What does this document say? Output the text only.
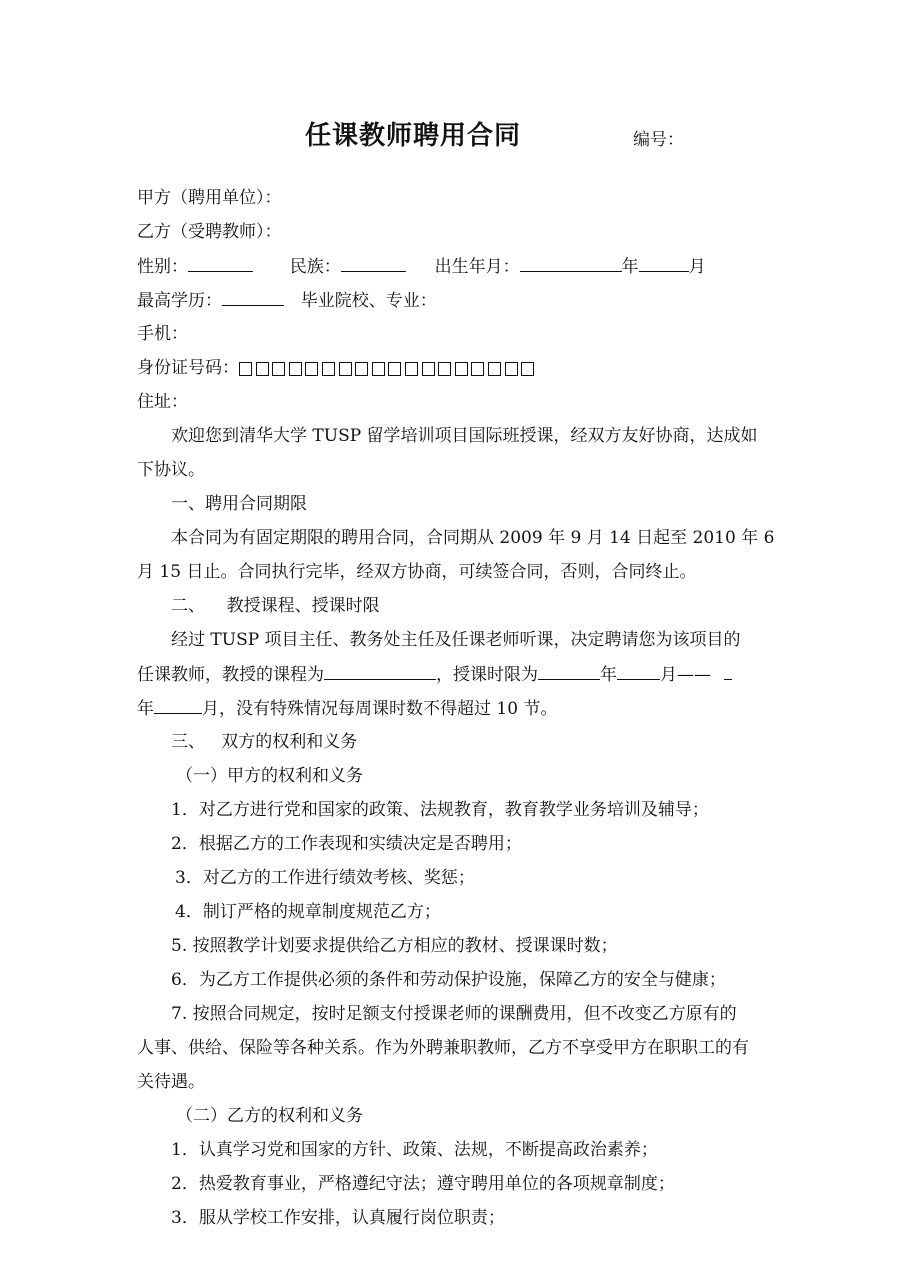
任课教师聘用合同	编号：
甲方（聘用单位）：
乙方（受聘教师）：
性别：	民族：	出生年月：	年	月
最高学历：	毕业院校、专业：
手机：
身份证号码：
住址：
欢迎您到清华大学 TUSP 留学培训项目国际班授课，经双方友好协商，达成如
下协议。
一、聘用合同期限
本合同为有固定期限的聘用合同，合同期从 2009 年 9 月 14 日起至 2010 年 6
月 15 日止。合同执行完毕，经双方协商，可续签合同，否则，合同终止。
二、    教授课程、授课时限
经过 TUSP 项目主任、教务处主任及任课老师听课，决定聘请您为该项目的
任课教师，教授的课程为	，授课时限为	年	月——
年	月，没有特殊情况每周课时数不得超过 10 节。
三、   双方的权利和义务
（一）甲方的权利和义务
1．对乙方进行党和国家的政策、法规教育，教育教学业务培训及辅导；
2．根据乙方的工作表现和实绩决定是否聘用；
3．对乙方的工作进行绩效考核、奖惩；
4．制订严格的规章制度规范乙方；
5. 按照教学计划要求提供给乙方相应的教材、授课课时数；
6．为乙方工作提供必须的条件和劳动保护设施，保障乙方的安全与健康；
7. 按照合同规定，按时足额支付授课老师的课酬费用，但不改变乙方原有的
人事、供给、保险等各种关系。作为外聘兼职教师，乙方不享受甲方在职职工的有
关待遇。
（二）乙方的权利和义务
1．认真学习党和国家的方针、政策、法规，不断提高政治素养；
2．热爱教育事业，严格遵纪守法；遵守聘用单位的各项规章制度；
3．服从学校工作安排，认真履行岗位职责；
